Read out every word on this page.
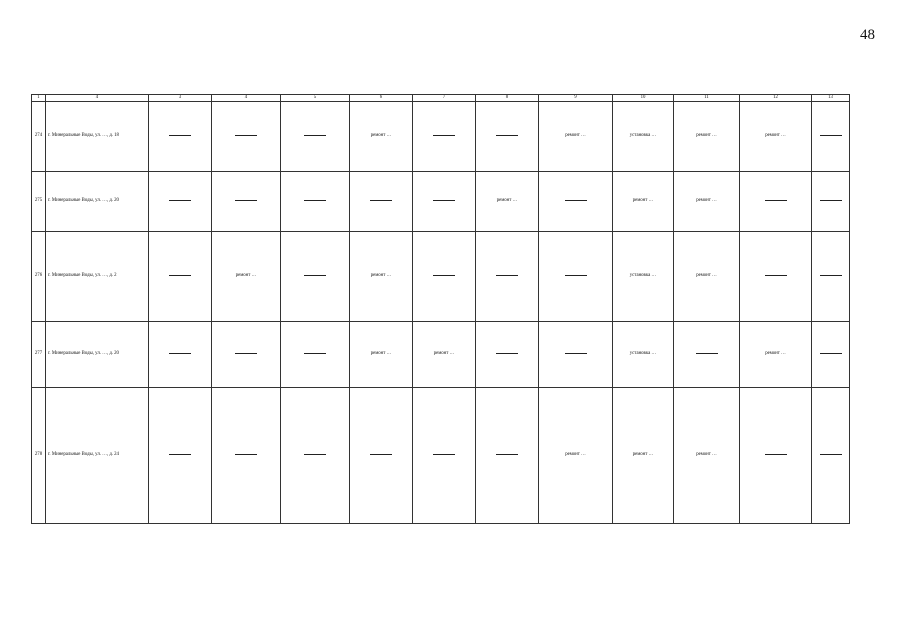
48
1	4	3	4	5	6	7	8	9	10	11	12	13
274	г. Минеральные Воды, ул. …, д. 18				ремонт …			ремонт …	установка …	ремонт …	ремонт …	
275	г. Минеральные Воды, ул. …, д. 20						ремонт …		ремонт …	ремонт …		
276	г. Минеральные Воды, ул. …, д. 2		ремонт …		ремонт …				установка …	ремонт …		
277	г. Минеральные Воды, ул. …, д. 20				ремонт …	ремонт …			установка …		ремонт …	
278	г. Минеральные Воды, ул. …, д. 24							ремонт …	ремонт …	ремонт …		
